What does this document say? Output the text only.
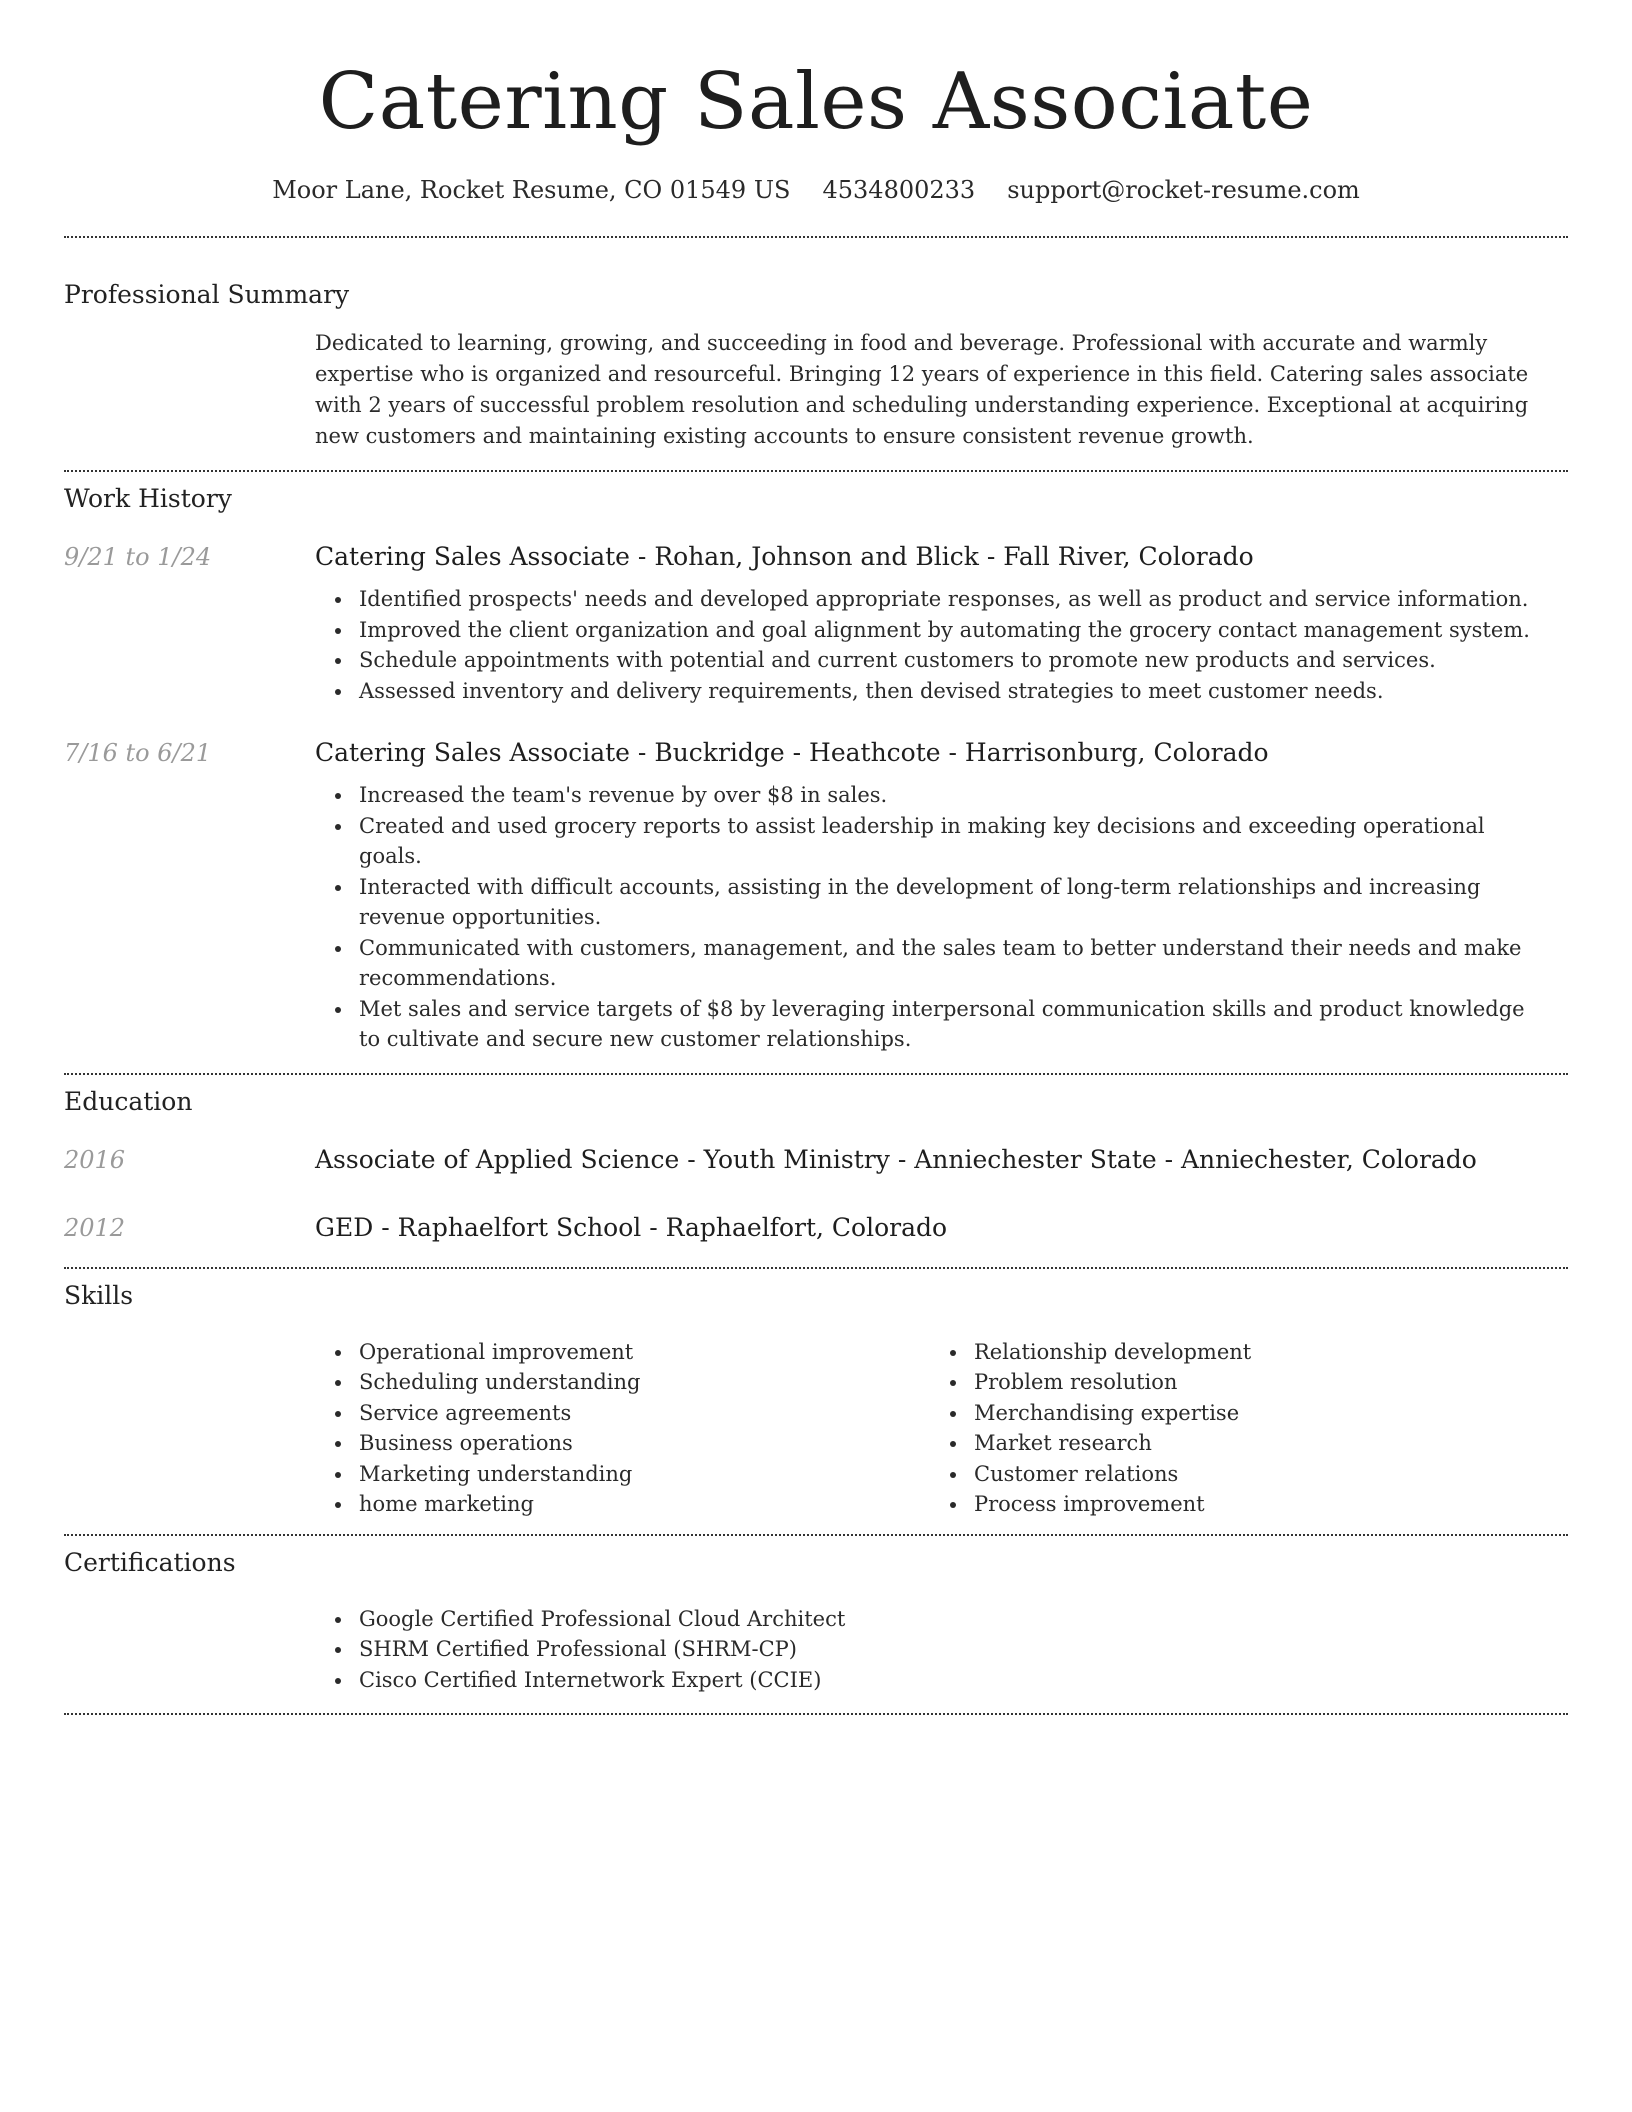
Catering Sales Associate
Moor Lane, Rocket Resume, CO 01549 US 4534800233 support@rocket-resume.com
Professional Summary
Dedicated to learning, growing, and succeeding in food and beverage. Professional with accurate and warmly expertise who is organized and resourceful. Bringing 12 years of experience in this field. Catering sales associate with 2 years of successful problem resolution and scheduling understanding experience. Exceptional at acquiring new customers and maintaining existing accounts to ensure consistent revenue growth.
Work History
9/21 to 1/24	Catering Sales Associate - Rohan, Johnson and Blick - Fall River, Colorado
Identified prospects' needs and developed appropriate responses, as well as product and service information.
Improved the client organization and goal alignment by automating the grocery contact management system.
Schedule appointments with potential and current customers to promote new products and services.
Assessed inventory and delivery requirements, then devised strategies to meet customer needs.
7/16 to 6/21	Catering Sales Associate - Buckridge - Heathcote - Harrisonburg, Colorado
Increased the team's revenue by over $8 in sales.
Created and used grocery reports to assist leadership in making key decisions and exceeding operational goals.
Interacted with difficult accounts, assisting in the development of long-term relationships and increasing revenue opportunities.
Communicated with customers, management, and the sales team to better understand their needs and make recommendations.
Met sales and service targets of $8 by leveraging interpersonal communication skills and product knowledge to cultivate and secure new customer relationships.
Education
2016	Associate of Applied Science - Youth Ministry - Anniechester State - Anniechester, Colorado
2012	GED - Raphaelfort School - Raphaelfort, Colorado
Skills
Operational improvement
Scheduling understanding
Service agreements
Business operations
Marketing understanding
home marketing
Relationship development
Problem resolution
Merchandising expertise
Market research
Customer relations
Process improvement
Certifications
Google Certified Professional Cloud Architect
SHRM Certified Professional (SHRM-CP)
Cisco Certified Internetwork Expert (CCIE)
